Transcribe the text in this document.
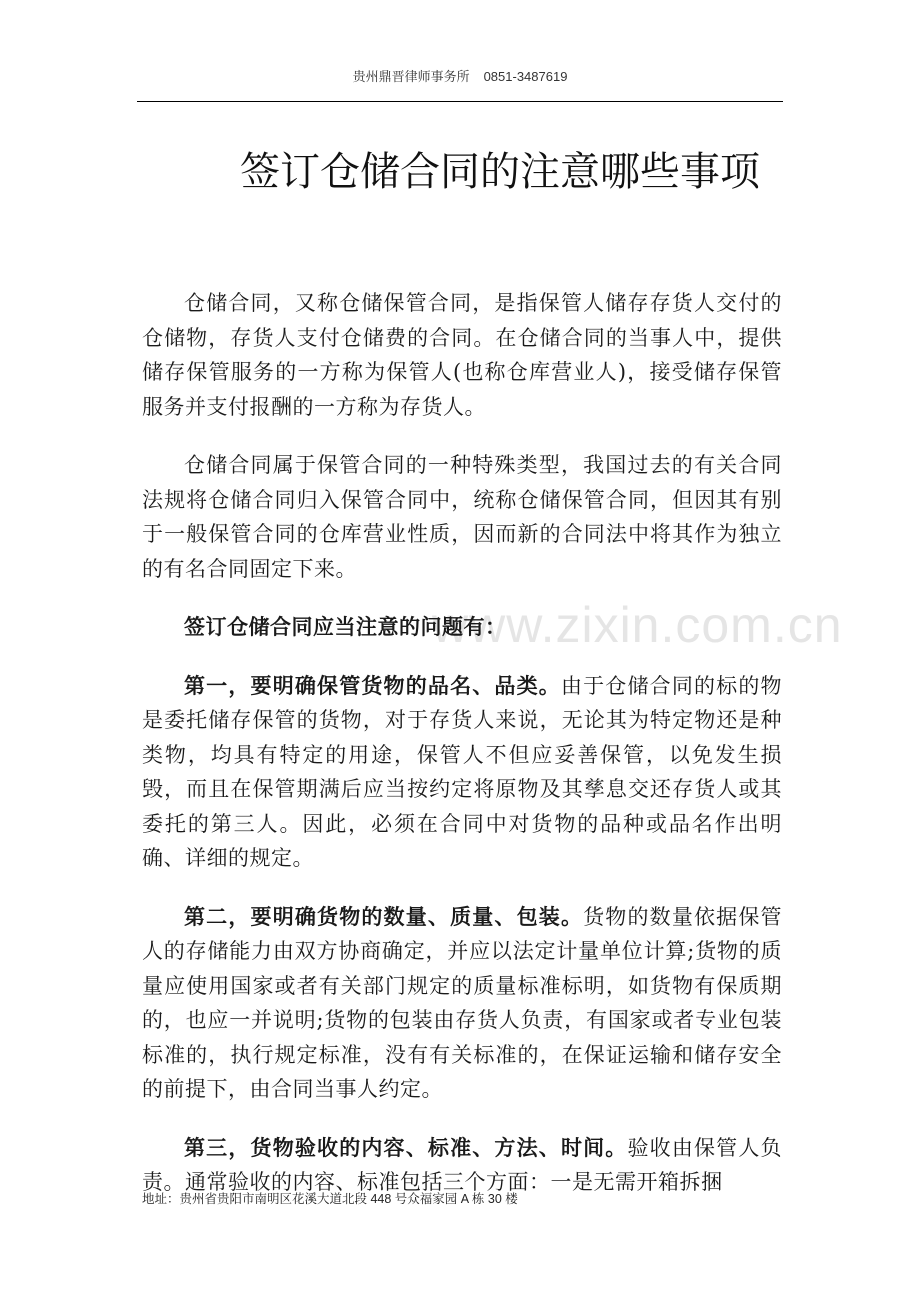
贵州鼎晋律师事务所 0851-3487619
签订仓储合同的注意哪些事项
www.zixin.com.cn

仓储合同，又称仓储保管合同，是指保管人储存存货人交付的仓储物，存货人支付仓储费的合同。在仓储合同的当事人中，提供储存保管服务的一方称为保管人(也称仓库营业人)，接受储存保管服务并支付报酬的一方称为存货人。

仓储合同属于保管合同的一种特殊类型，我国过去的有关合同法规将仓储合同归入保管合同中，统称仓储保管合同，但因其有别于一般保管合同的仓库营业性质，因而新的合同法中将其作为独立的有名合同固定下来。

签订仓储合同应当注意的问题有：

第一，要明确保管货物的品名、品类。由于仓储合同的标的物是委托储存保管的货物，对于存货人来说，无论其为特定物还是种类物，均具有特定的用途，保管人不但应妥善保管，以免发生损毁，而且在保管期满后应当按约定将原物及其孳息交还存货人或其委托的第三人。因此，必须在合同中对货物的品种或品名作出明确、详细的规定。

第二，要明确货物的数量、质量、包装。货物的数量依据保管人的存储能力由双方协商确定，并应以法定计量单位计算;货物的质量应使用国家或者有关部门规定的质量标准标明，如货物有保质期的，也应一并说明;货物的包装由存货人负责，有国家或者专业包装标准的，执行规定标准，没有有关标准的，在保证运输和储存安全的前提下，由合同当事人约定。

第三，货物验收的内容、标准、方法、时间。验收由保管人负责。通常验收的内容、标准包括三个方面：一是无需开箱拆捆

地址：贵州省贵阳市南明区花溪大道北段 448 号众福家园 A 栋 30 楼
